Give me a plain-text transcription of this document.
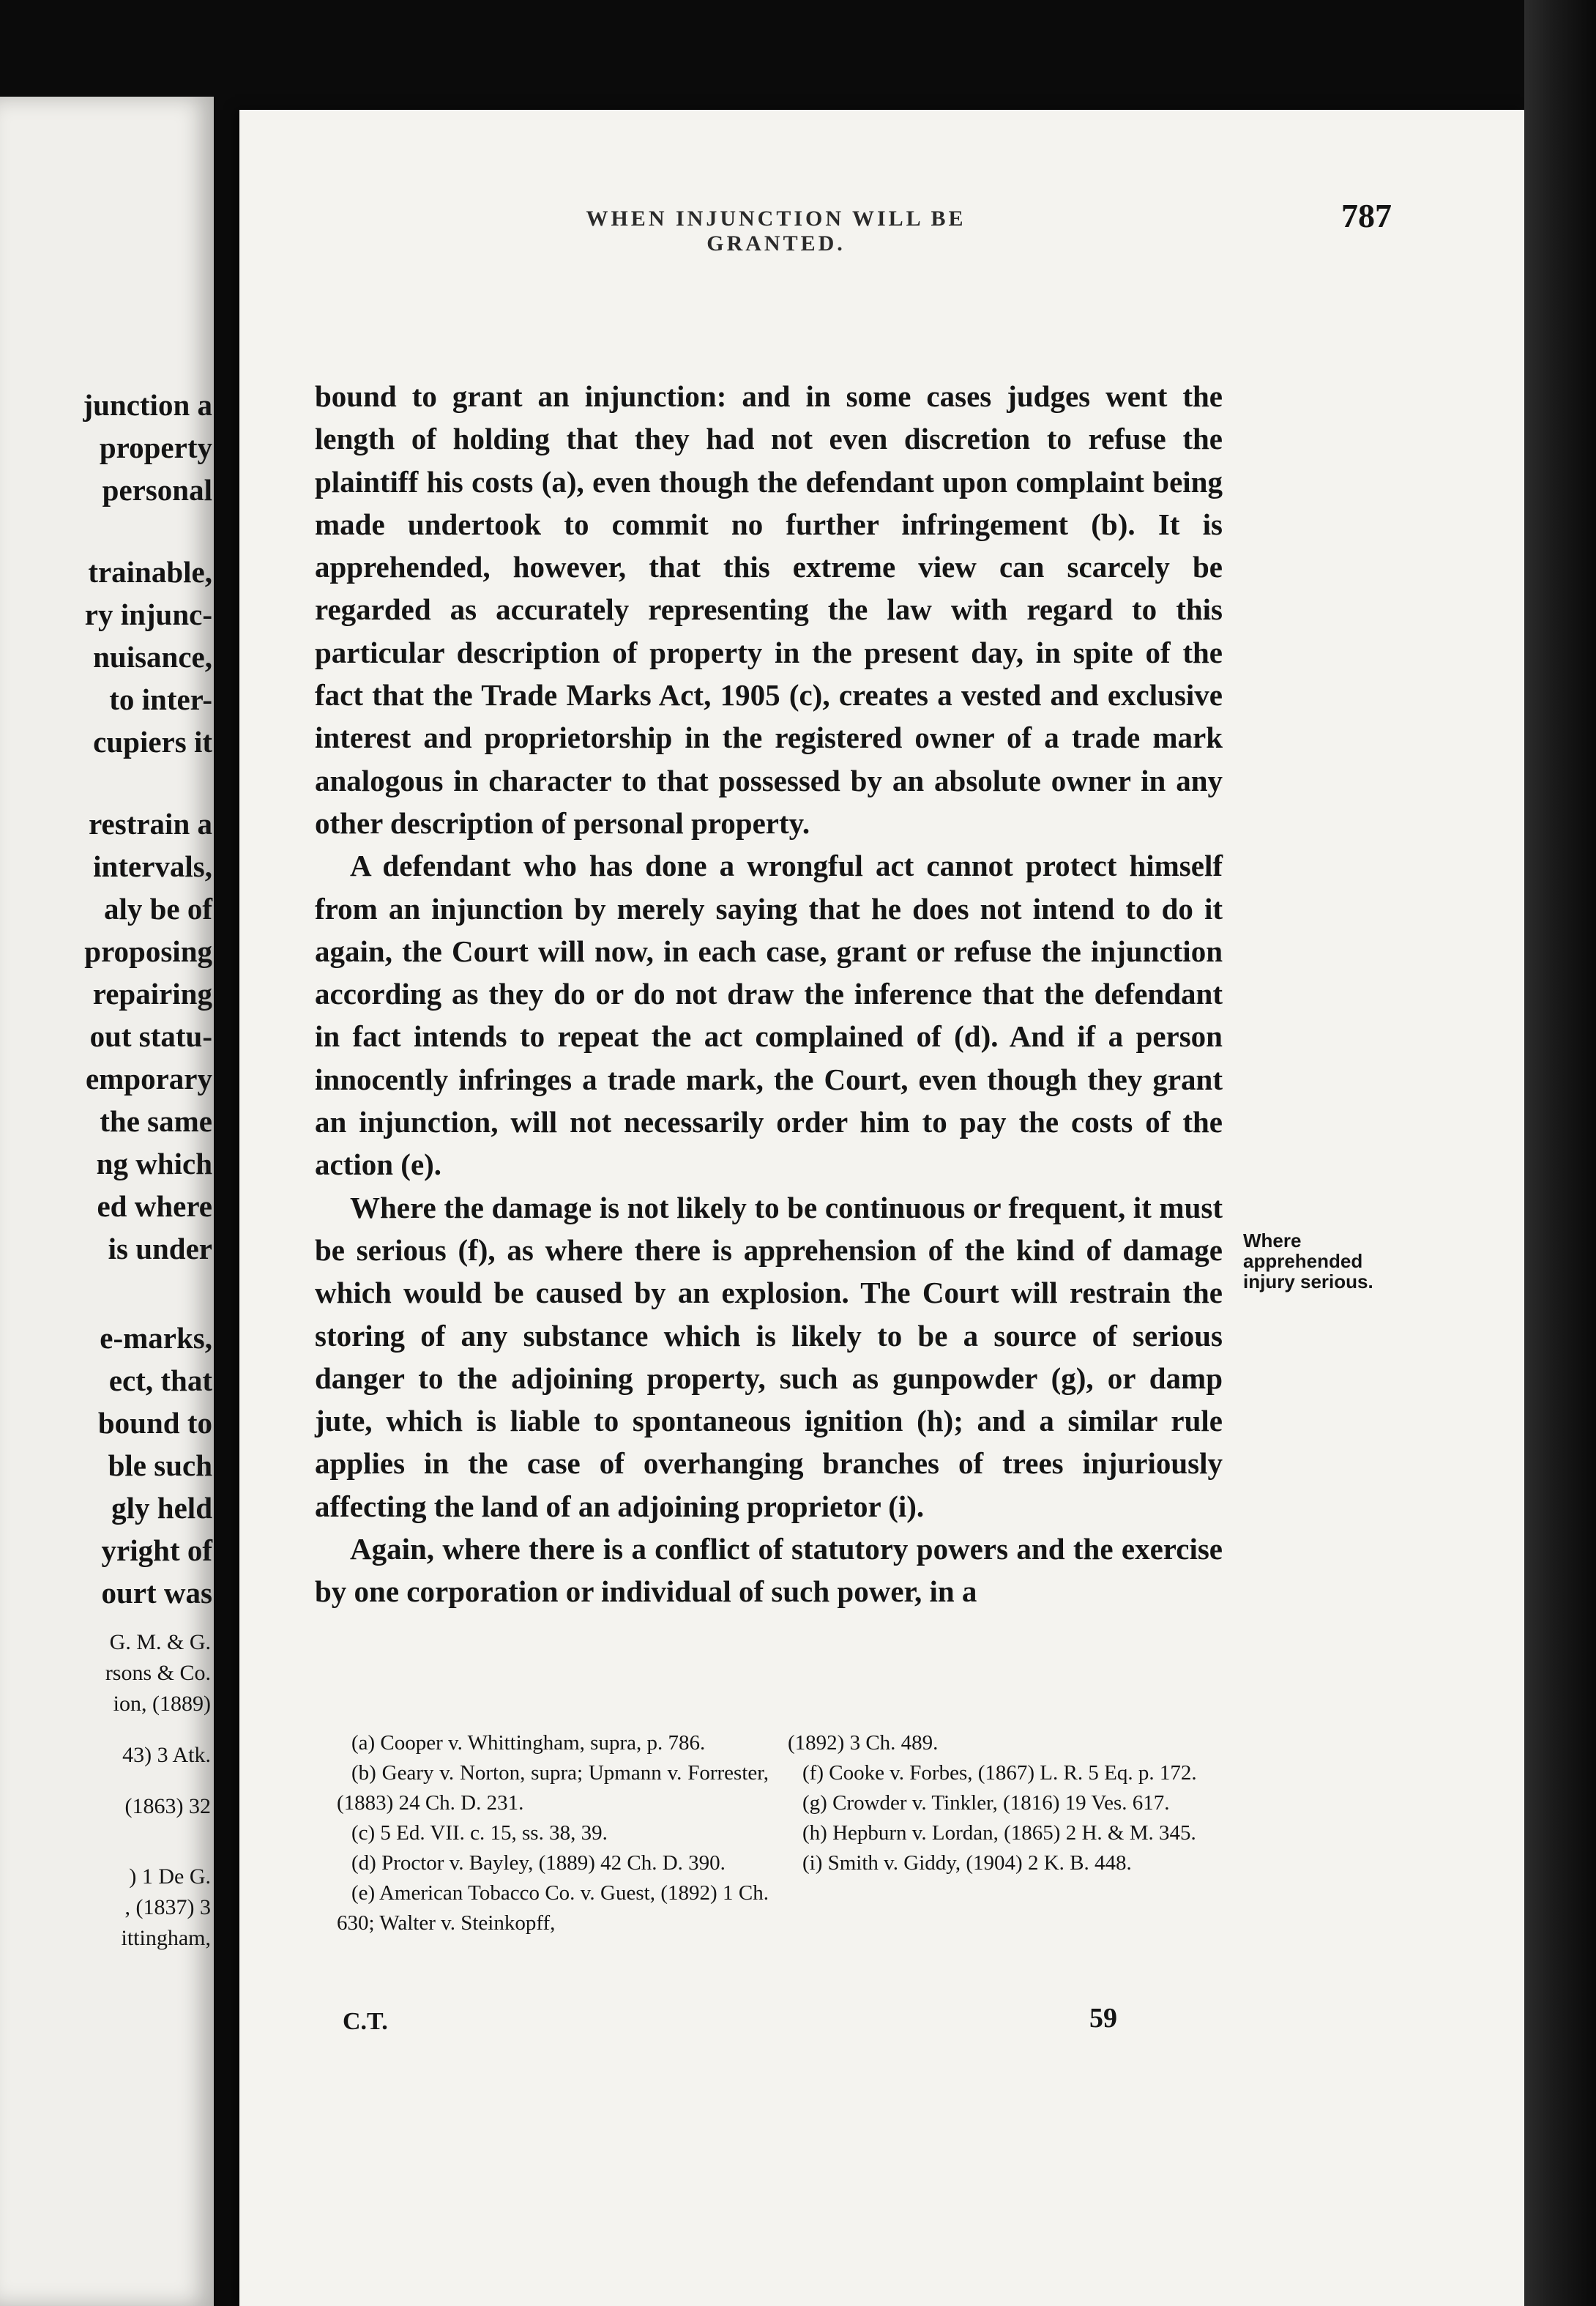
junction a

property

personal

trainable,

ry injunc-

nuisance,

to inter-

cupiers it

restrain a

intervals,

aly be of

proposing

repairing

out statu-

emporary

the same

ng which

ed where

is under

e-marks,

ect, that

bound to

ble such

gly held

yright of

ourt was

G. M. & G.

rsons & Co.

ion, (1889)

43) 3 Atk.

(1863) 32

) 1 De G.

, (1837) 3

ittingham,

WHEN INJUNCTION WILL BE GRANTED.

787

bound to grant an injunction: and in some cases judges went the length of holding that they had not even discretion to refuse the plaintiff his costs (a), even though the defendant upon complaint being made undertook to commit no further infringement (b). It is apprehended, however, that this extreme view can scarcely be regarded as accurately representing the law with regard to this particular description of property in the present day, in spite of the fact that the Trade Marks Act, 1905 (c), creates a vested and exclusive interest and proprietorship in the registered owner of a trade mark analogous in character to that possessed by an absolute owner in any other description of personal property.

A defendant who has done a wrongful act cannot protect himself from an injunction by merely saying that he does not intend to do it again, the Court will now, in each case, grant or refuse the injunction according as they do or do not draw the inference that the defendant in fact intends to repeat the act complained of (d). And if a person innocently infringes a trade mark, the Court, even though they grant an injunction, will not necessarily order him to pay the costs of the action (e).

Where the damage is not likely to be continuous or frequent, it must be serious (f), as where there is apprehension of the kind of damage which would be caused by an explosion. The Court will restrain the storing of any substance which is likely to be a source of serious danger to the adjoining property, such as gunpowder (g), or damp jute, which is liable to spontaneous ignition (h); and a similar rule applies in the case of overhanging branches of trees injuriously affecting the land of an adjoining proprietor (i).

Again, where there is a conflict of statutory powers and the exercise by one corporation or individual of such power, in a

Where apprehended injury serious.

(a) Cooper v. Whittingham, supra, p. 786.

(b) Geary v. Norton, supra; Upmann v. Forrester, (1883) 24 Ch. D. 231.

(c) 5 Ed. VII. c. 15, ss. 38, 39.

(d) Proctor v. Bayley, (1889) 42 Ch. D. 390.

(e) American Tobacco Co. v. Guest, (1892) 1 Ch. 630; Walter v. Steinkopff,

(1892) 3 Ch. 489.

(f) Cooke v. Forbes, (1867) L. R. 5 Eq. p. 172.

(g) Crowder v. Tinkler, (1816) 19 Ves. 617.

(h) Hepburn v. Lordan, (1865) 2 H. & M. 345.

(i) Smith v. Giddy, (1904) 2 K. B. 448.

C.T.	59
